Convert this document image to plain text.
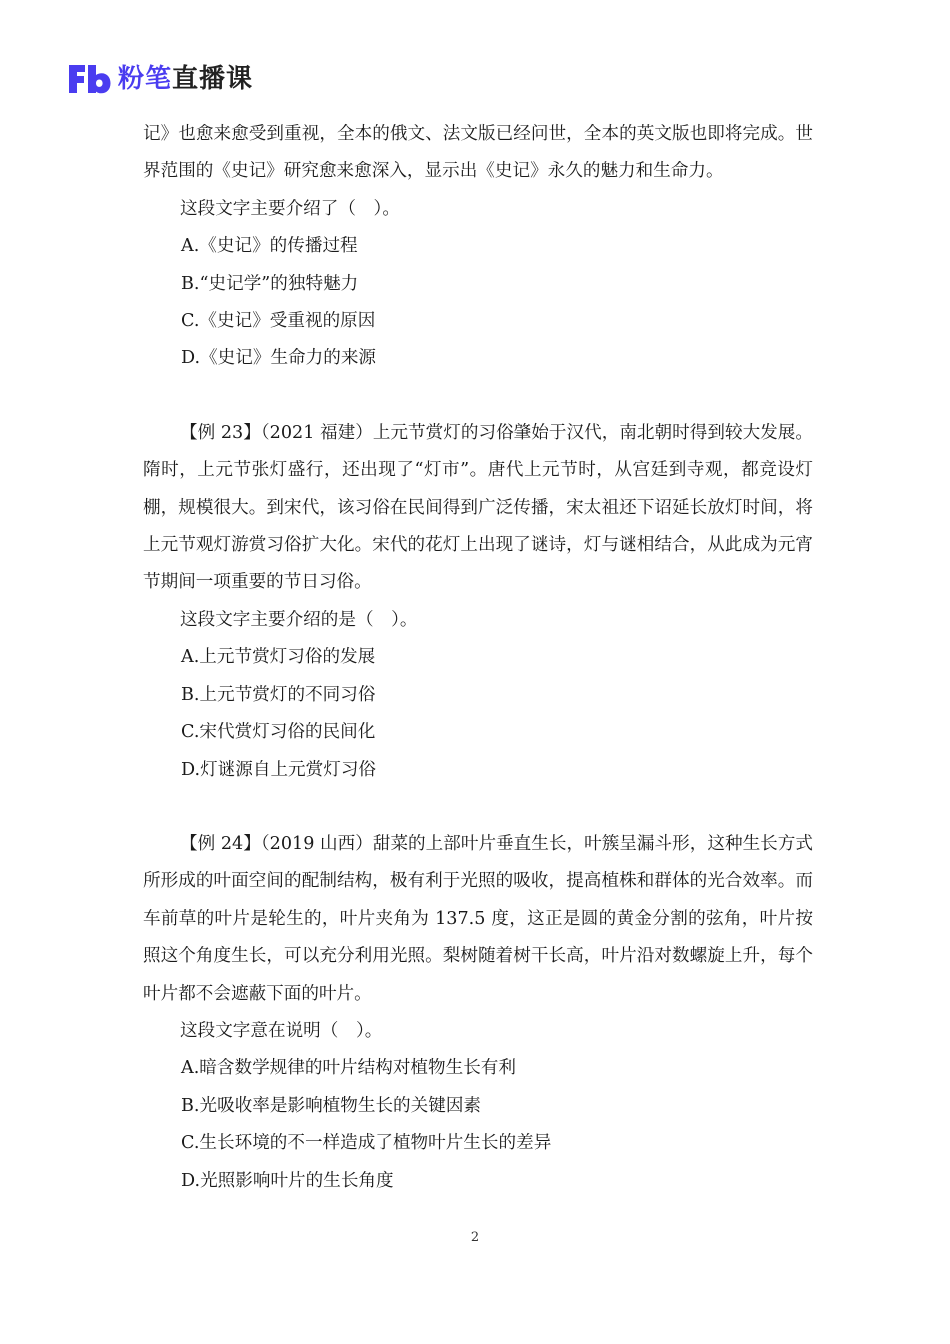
粉笔直播课

记》也愈来愈受到重视，全本的俄文、法文版已经问世，全本的英文版也即将完成。世界范围的《史记》研究愈来愈深入，显示出《史记》永久的魅力和生命力。

这段文字主要介绍了（　）。

A.《史记》的传播过程

B.“史记学”的独特魅力

C.《史记》受重视的原因

D.《史记》生命力的来源

【例 23】（2021 福建）上元节赏灯的习俗肇始于汉代，南北朝时得到较大发展。隋时，上元节张灯盛行，还出现了“灯市”。唐代上元节时，从宫廷到寺观，都竞设灯棚，规模很大。到宋代，该习俗在民间得到广泛传播，宋太祖还下诏延长放灯时间，将上元节观灯游赏习俗扩大化。宋代的花灯上出现了谜诗，灯与谜相结合，从此成为元宵节期间一项重要的节日习俗。

这段文字主要介绍的是（　）。

A.上元节赏灯习俗的发展

B.上元节赏灯的不同习俗

C.宋代赏灯习俗的民间化

D.灯谜源自上元赏灯习俗

【例 24】（2019 山西）甜菜的上部叶片垂直生长，叶簇呈漏斗形，这种生长方式所形成的叶面空间的配制结构，极有利于光照的吸收，提高植株和群体的光合效率。而车前草的叶片是轮生的，叶片夹角为 137.5 度，这正是圆的黄金分割的弦角，叶片按照这个角度生长，可以充分利用光照。梨树随着树干长高，叶片沿对数螺旋上升，每个叶片都不会遮蔽下面的叶片。

这段文字意在说明（　）。

A.暗含数学规律的叶片结构对植物生长有利

B.光吸收率是影响植物生长的关键因素

C.生长环境的不一样造成了植物叶片生长的差异

D.光照影响叶片的生长角度

2
